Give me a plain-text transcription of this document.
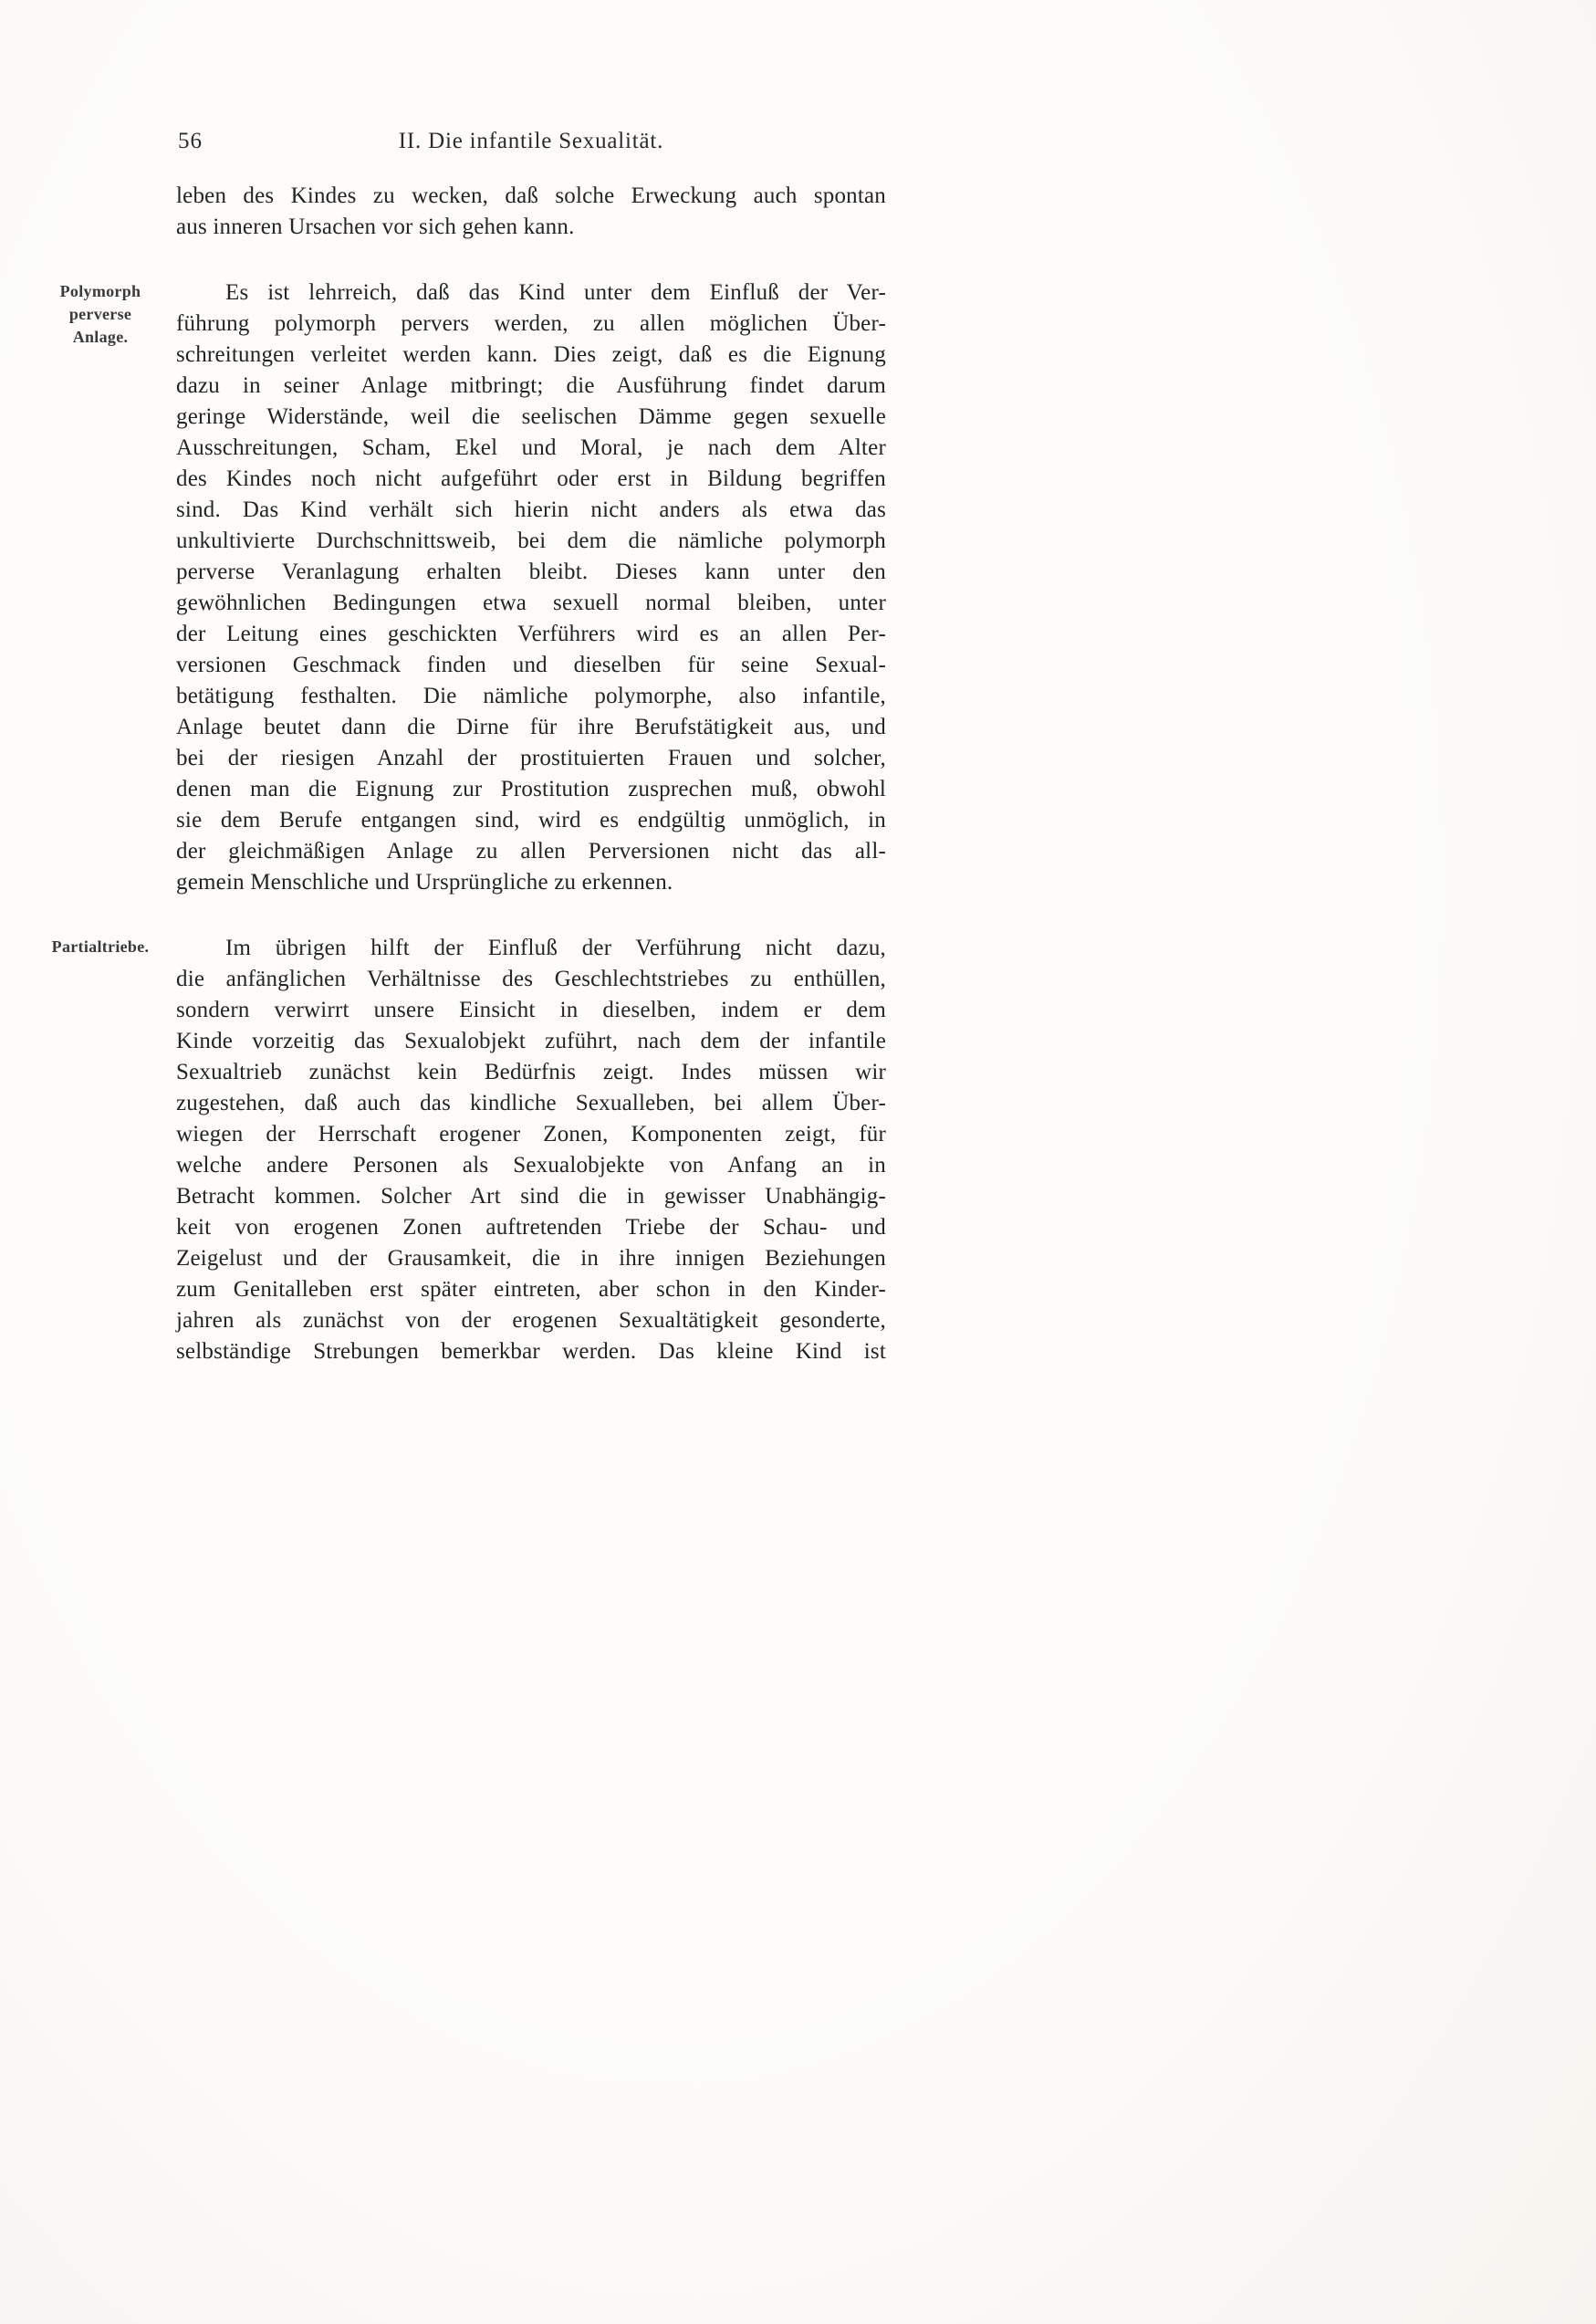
56	II. Die infantile Sexualität.
leben des Kindes zu wecken, daß solche Erweckung auch spontan
aus inneren Ursachen vor sich gehen kann.
Polymorph
perverse
Anlage.
Es ist lehrreich, daß das Kind unter dem Einfluß der Ver-
führung polymorph pervers werden, zu allen möglichen Über-
schreitungen verleitet werden kann. Dies zeigt, daß es die Eignung
dazu in seiner Anlage mitbringt; die Ausführung findet darum
geringe Widerstände, weil die seelischen Dämme gegen sexuelle
Ausschreitungen, Scham, Ekel und Moral, je nach dem Alter
des Kindes noch nicht aufgeführt oder erst in Bildung begriffen
sind. Das Kind verhält sich hierin nicht anders als etwa das
unkultivierte Durchschnittsweib, bei dem die nämliche polymorph
perverse Veranlagung erhalten bleibt. Dieses kann unter den
gewöhnlichen Bedingungen etwa sexuell normal bleiben, unter
der Leitung eines geschickten Verführers wird es an allen Per-
versionen Geschmack finden und dieselben für seine Sexual-
betätigung festhalten. Die nämliche polymorphe, also infantile,
Anlage beutet dann die Dirne für ihre Berufstätigkeit aus, und
bei der riesigen Anzahl der prostituierten Frauen und solcher,
denen man die Eignung zur Prostitution zusprechen muß, obwohl
sie dem Berufe entgangen sind, wird es endgültig unmöglich, in
der gleichmäßigen Anlage zu allen Perversionen nicht das all-
gemein Menschliche und Ursprüngliche zu erkennen.
Partialtriebe.	Im übrigen hilft der Einfluß der Verführung nicht dazu,
die anfänglichen Verhältnisse des Geschlechtstriebes zu enthüllen,
sondern verwirrt unsere Einsicht in dieselben, indem er dem
Kinde vorzeitig das Sexualobjekt zuführt, nach dem der infantile
Sexualtrieb zunächst kein Bedürfnis zeigt. Indes müssen wir
zugestehen, daß auch das kindliche Sexualleben, bei allem Über-
wiegen der Herrschaft erogener Zonen, Komponenten zeigt, für
welche andere Personen als Sexualobjekte von Anfang an in
Betracht kommen. Solcher Art sind die in gewisser Unabhängig-
keit von erogenen Zonen auftretenden Triebe der Schau- und
Zeigelust und der Grausamkeit, die in ihre innigen Beziehungen
zum Genitalleben erst später eintreten, aber schon in den Kinder-
jahren als zunächst von der erogenen Sexualtätigkeit gesonderte,
selbständige Strebungen bemerkbar werden. Das kleine Kind ist
